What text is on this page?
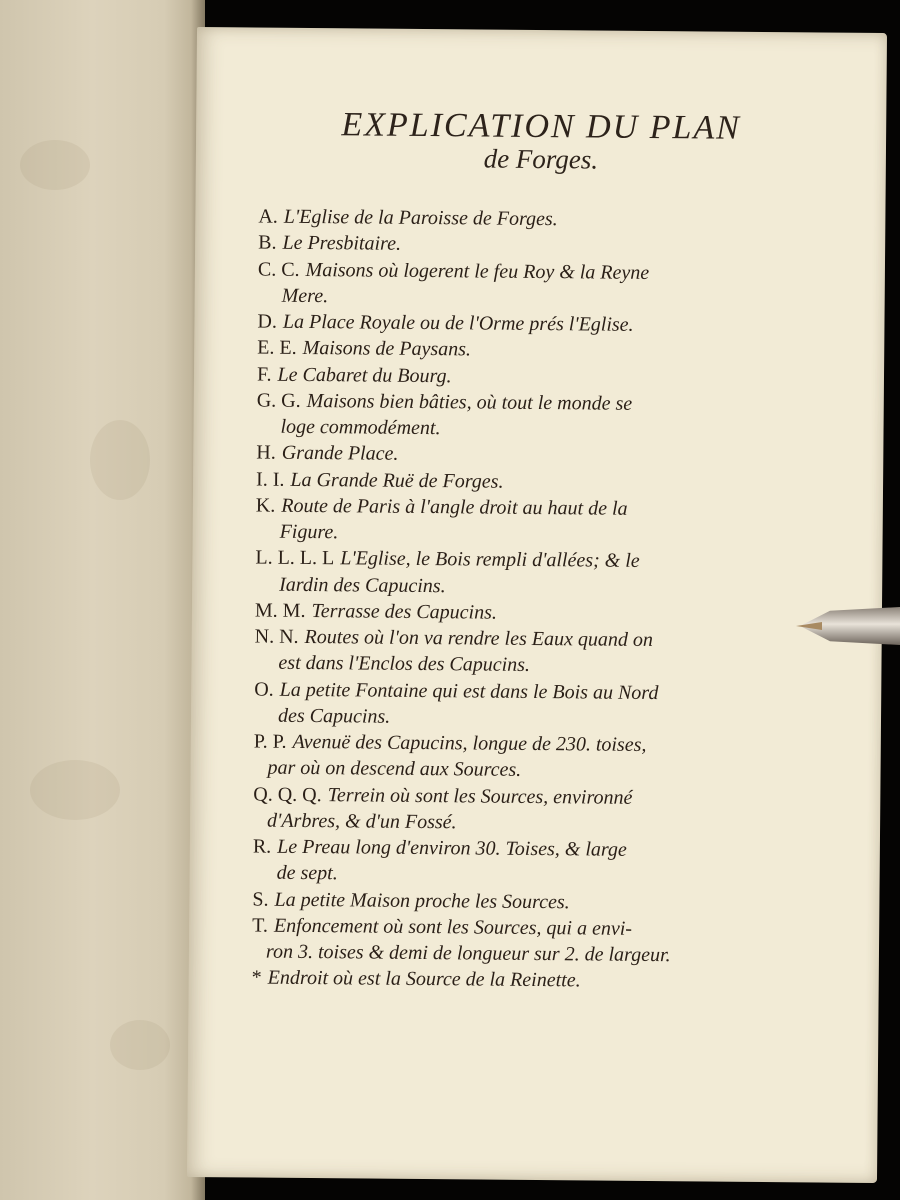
EXPLICATION DU PLAN
de Forges.
A. L'Eglise de la Paroisse de Forges.
B. Le Presbitaire.
C. C. Maisons où logerent le feu Roy & la Reyne
Mere.
D. La Place Royale ou de l'Orme prés l'Eglise.
E. E. Maisons de Paysans.
F. Le Cabaret du Bourg.
G. G. Maisons bien bâties, où tout le monde se
loge commodément.
H. Grande Place.
I. I. La Grande Ruë de Forges.
K. Route de Paris à l'angle droit au haut de la
Figure.
L. L. L. L L'Eglise, le Bois rempli d'allées; & le
Iardin des Capucins.
M. M. Terrasse des Capucins.
N. N. Routes où l'on va rendre les Eaux quand on
est dans l'Enclos des Capucins.
O. La petite Fontaine qui est dans le Bois au Nord
des Capucins.
P. P. Avenuë des Capucins, longue de 230. toises,
par où on descend aux Sources.
Q. Q. Q. Terrein où sont les Sources, environné
d'Arbres, & d'un Fossé.
R. Le Preau long d'environ 30. Toises, & large
de sept.
S. La petite Maison proche les Sources.
T. Enfoncement où sont les Sources, qui a envi-
ron 3. toises & demi de longueur sur 2. de largeur.
* Endroit où est la Source de la Reinette.
